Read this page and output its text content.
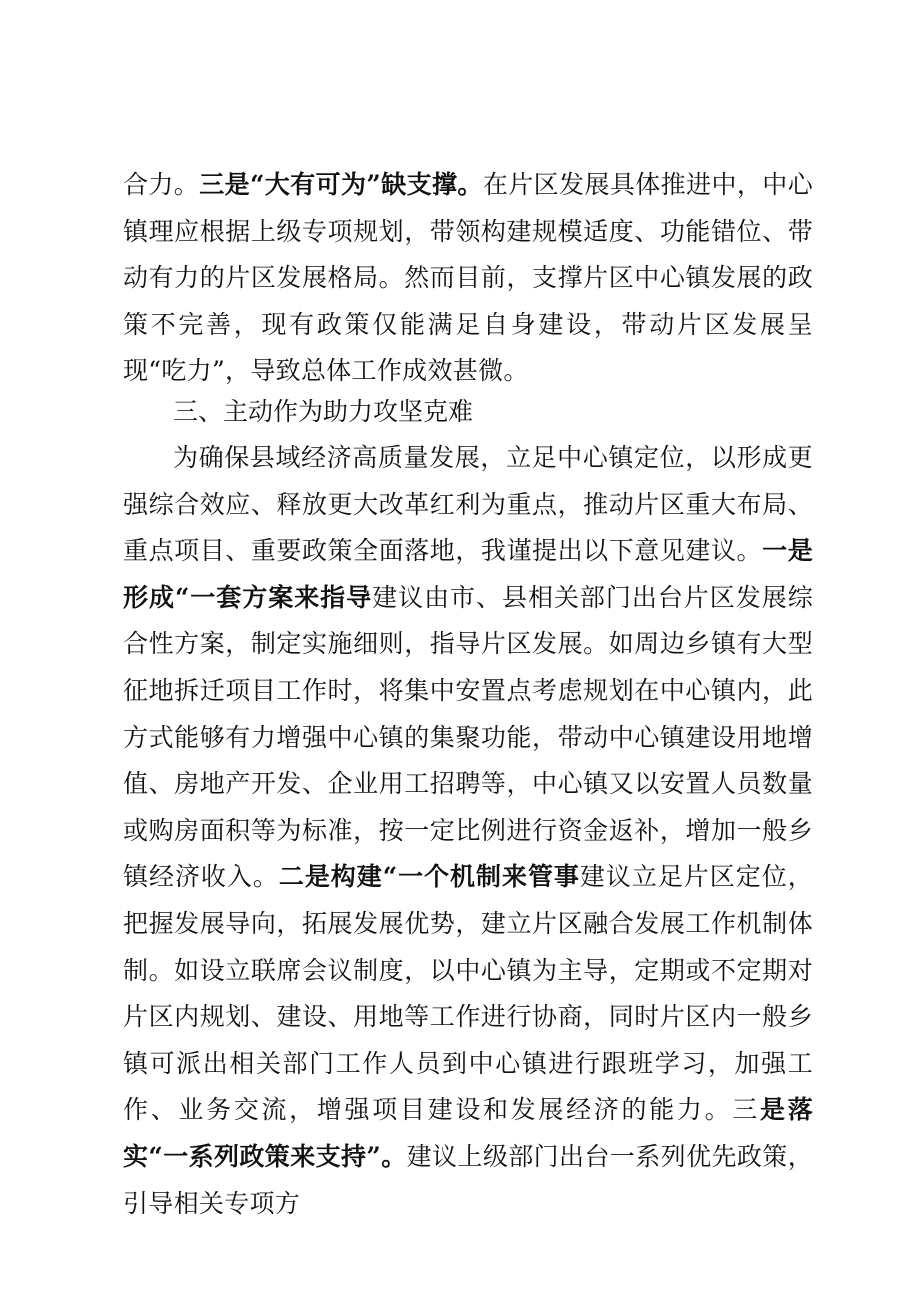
合力。三是“大有可为”缺支撑。在片区发展具体推进中，中心镇理应根据上级专项规划，带领构建规模适度、功能错位、带动有力的片区发展格局。然而目前，支撑片区中心镇发展的政策不完善，现有政策仅能满足自身建设，带动片区发展呈现“吃力”，导致总体工作成效甚微。

三、主动作为助力攻坚克难

为确保县域经济高质量发展，立足中心镇定位，以形成更强综合效应、释放更大改革红利为重点，推动片区重大布局、重点项目、重要政策全面落地，我谨提出以下意见建议。一是形成“一套方案来指导建议由市、县相关部门出台片区发展综合性方案，制定实施细则，指导片区发展。如周边乡镇有大型征地拆迁项目工作时，将集中安置点考虑规划在中心镇内，此方式能够有力增强中心镇的集聚功能，带动中心镇建设用地增值、房地产开发、企业用工招聘等，中心镇又以安置人员数量或购房面积等为标准，按一定比例进行资金返补，增加一般乡镇经济收入。二是构建“一个机制来管事建议立足片区定位，把握发展导向，拓展发展优势，建立片区融合发展工作机制体制。如设立联席会议制度，以中心镇为主导，定期或不定期对片区内规划、建设、用地等工作进行协商，同时片区内一般乡镇可派出相关部门工作人员到中心镇进行跟班学习，加强工作、业务交流，增强项目建设和发展经济的能力。三是落实“一系列政策来支持”。建议上级部门出台一系列优先政策，引导相关专项方
